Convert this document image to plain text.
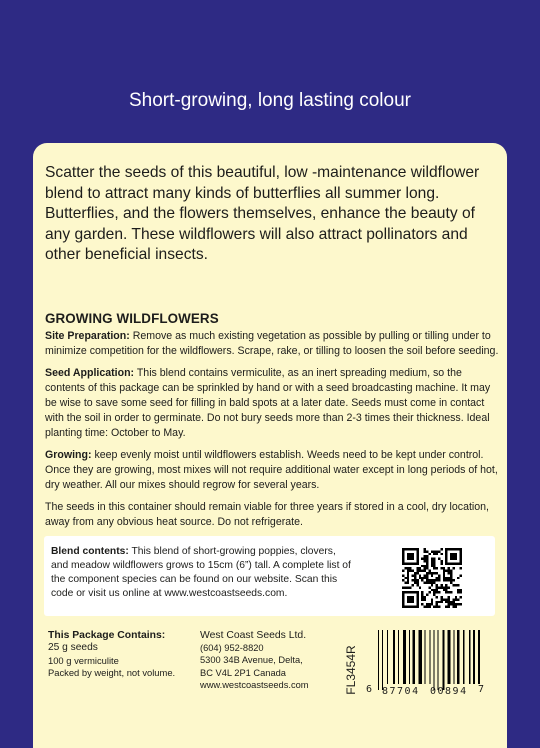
Short-growing, long lasting colour

Scatter the seeds of this beautiful, low -maintenance wildflower blend to attract many kinds of butterflies all summer long. Butterflies, and the flowers themselves, enhance the beauty of any garden. These wildflowers will also attract pollinators and other beneficial insects.

GROWING WILDFLOWERS

Site Preparation: Remove as much existing vegetation as possible by pulling or tilling under to minimize competition for the wildflowers. Scrape, rake, or tilling to loosen the soil before seeding.

Seed Application: This blend contains vermiculite, as an inert spreading medium, so the contents of this package can be sprinkled by hand or with a seed broadcasting machine. It may be wise to save some seed for filling in bald spots at a later date. Seeds must come in contact with the soil in order to germinate. Do not bury seeds more than 2-3 times their thickness. Ideal planting time: October to May.

Growing: keep evenly moist until wildflowers establish. Weeds need to be kept under control. Once they are growing, most mixes will not require additional water except in long periods of hot, dry weather. All our mixes should regrow for several years.

The seeds in this container should remain viable for three years if stored in a cool, dry location, away from any obvious heat source. Do not refrigerate.

Blend contents: This blend of short-growing poppies, clovers, and meadow wildflowers grows to 15cm (6”) tall. A complete list of the component species can be found on our website. Scan this code or visit us online at www.westcoastseeds.com.

This Package Contains:
25 g seeds
100 g vermiculite
Packed by weight, not volume.
West Coast Seeds Ltd.
(604) 952-8820
5300 34B Avenue, Delta,
BC V4L 2P1 Canada
www.westcoastseeds.com	FL3454R 6 87704 00894 7
